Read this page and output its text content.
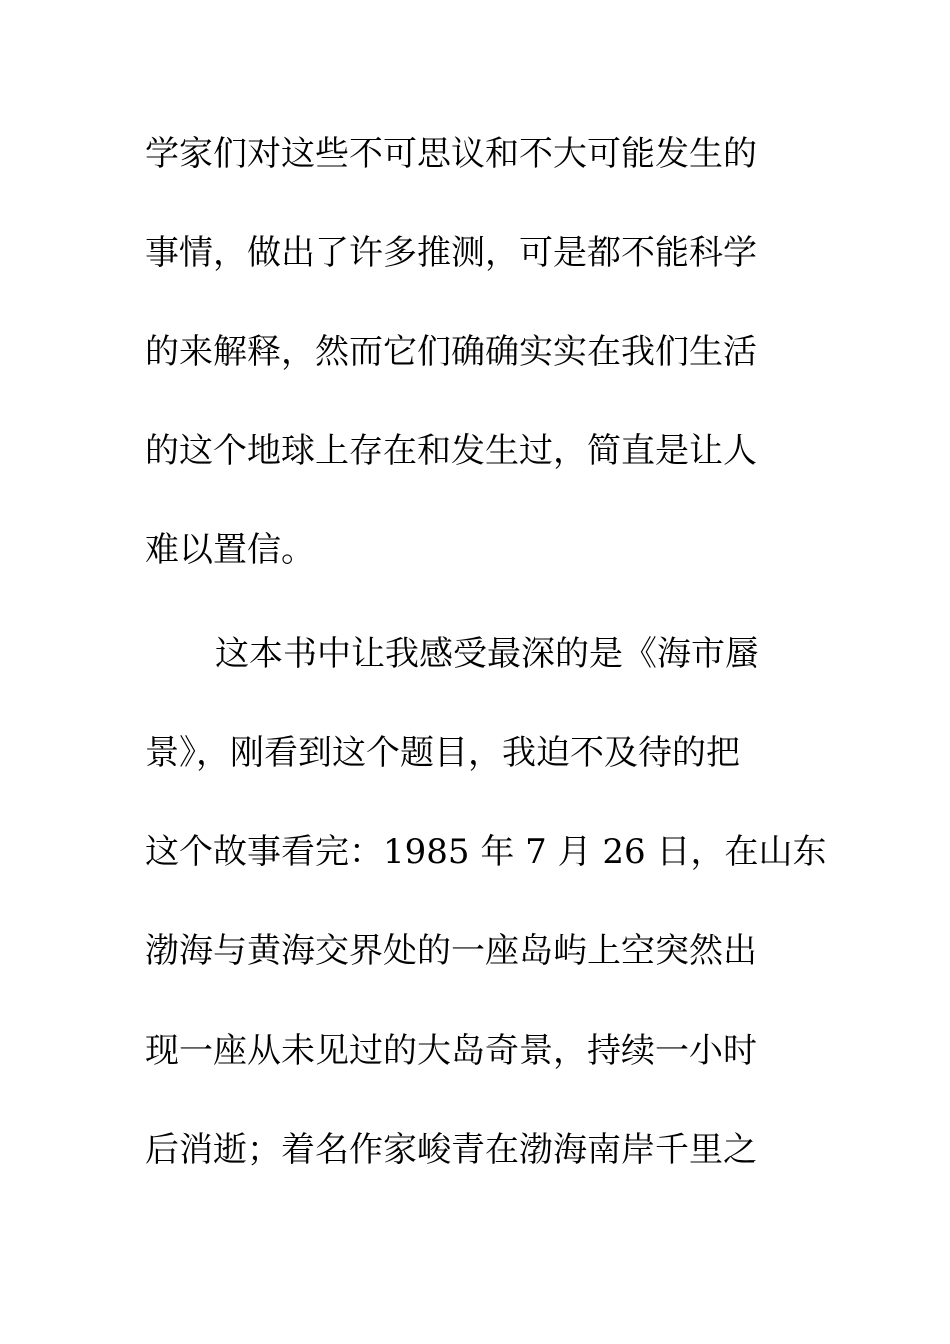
学家们对这些不可思议和不大可能发生的

事情，做出了许多推测，可是都不能科学

的来解释，然而它们确确实实在我们生活

的这个地球上存在和发生过，简直是让人

难以置信。

这本书中让我感受最深的是《海市蜃

景》，刚看到这个题目，我迫不及待的把

这个故事看完：1985 年 7 月 26 日，在山东

渤海与黄海交界处的一座岛屿上空突然出

现一座从未见过的大岛奇景，持续一小时

后消逝；着名作家峻青在渤海南岸千里之
